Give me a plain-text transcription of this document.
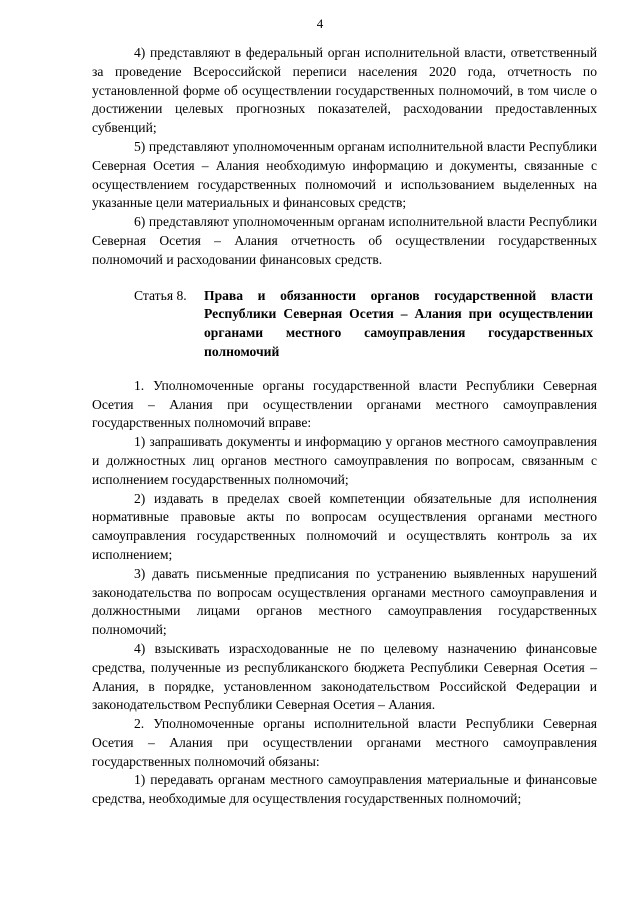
4

4) представляют в федеральный орган исполнительной власти, ответственный за проведение Всероссийской переписи населения 2020 года, отчетность по установленной форме об осуществлении государственных полномочий, в том числе о достижении целевых прогнозных показателей, расходовании предоставленных субвенций;

5) представляют уполномоченным органам исполнительной власти Республики Северная Осетия – Алания необходимую информацию и документы, связанные с осуществлением государственных полномочий и использованием выделенных на указанные цели материальных и финансовых средств;

6) представляют уполномоченным органам исполнительной власти Республики Северная Осетия – Алания отчетность об осуществлении государственных полномочий и расходовании финансовых средств.

Статья 8.	Права и обязанности органов государственной власти Республики Северная Осетия – Алания при осуществлении органами местного самоуправления государственных полномочий

1. Уполномоченные органы государственной власти Республики Северная Осетия – Алания при осуществлении органами местного самоуправления государственных полномочий вправе:

1) запрашивать документы и информацию у органов местного самоуправления и должностных лиц органов местного самоуправления по вопросам, связанным с исполнением государственных полномочий;

2) издавать в пределах своей компетенции обязательные для исполнения нормативные правовые акты по вопросам осуществления органами местного самоуправления государственных полномочий и осуществлять контроль за их исполнением;

3) давать письменные предписания по устранению выявленных нарушений законодательства по вопросам осуществления органами местного самоуправления и должностными лицами органов местного самоуправления государственных полномочий;

4) взыскивать израсходованные не по целевому назначению финансовые средства, полученные из республиканского бюджета Республики Северная Осетия – Алания, в порядке, установленном законодательством Российской Федерации и законодательством Республики Северная Осетия – Алания.

2. Уполномоченные органы исполнительной власти Республики Северная Осетия – Алания при осуществлении органами местного самоуправления государственных полномочий обязаны:

1) передавать органам местного самоуправления материальные и финансовые средства, необходимые для осуществления государственных полномочий;
